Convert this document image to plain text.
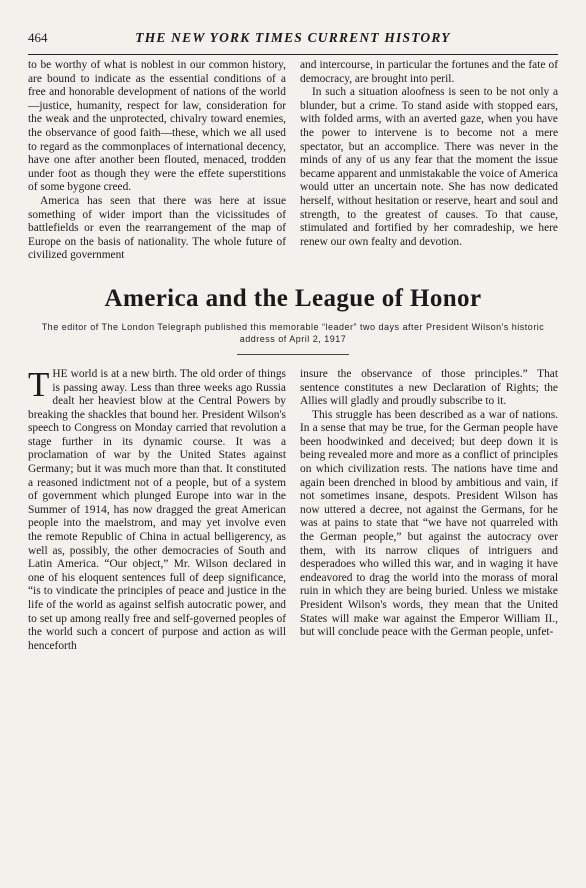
464	THE NEW YORK TIMES CURRENT HISTORY

to be worthy of what is noblest in our common history, are bound to indicate as the essential conditions of a free and honorable development of nations of the world—justice, humanity, respect for law, consideration for the weak and the unprotected, chivalry toward enemies, the observance of good faith—these, which we all used to regard as the commonplaces of international decency, have one after another been flouted, menaced, trodden under foot as though they were the effete superstitions of some bygone creed.

America has seen that there was here at issue something of wider import than the vicissitudes of battlefields or even the rearrangement of the map of Europe on the basis of nationality. The whole future of civilized government

and intercourse, in particular the fortunes and the fate of democracy, are brought into peril.

In such a situation aloofness is seen to be not only a blunder, but a crime. To stand aside with stopped ears, with folded arms, with an averted gaze, when you have the power to intervene is to become not a mere spectator, but an accomplice. There was never in the minds of any of us any fear that the moment the issue became apparent and unmistakable the voice of America would utter an uncertain note. She has now dedicated herself, without hesitation or reserve, heart and soul and strength, to the greatest of causes. To that cause, stimulated and fortified by her comradeship, we here renew our own fealty and devotion.

America and the League of Honor
The editor of The London Telegraph published this memorable “leader” two days after President Wilson's historic address of April 2, 1917

THE world is at a new birth. The old order of things is passing away. Less than three weeks ago Russia dealt her heaviest blow at the Central Powers by breaking the shackles that bound her. President Wilson's speech to Congress on Monday carried that revolution a stage further in its dynamic course. It was a proclamation of war by the United States against Germany; but it was much more than that. It constituted a reasoned indictment not of a people, but of a system of government which plunged Europe into war in the Summer of 1914, has now dragged the great American people into the maelstrom, and may yet involve even the remote Republic of China in actual belligerency, as well as, possibly, the other democracies of South and Latin America. “Our object,” Mr. Wilson declared in one of his eloquent sentences full of deep significance, “is to vindicate the principles of peace and justice in the life of the world as against selfish autocratic power, and to set up among really free and self-governed peoples of the world such a concert of purpose and action as will henceforth

insure the observance of those principles.” That sentence constitutes a new Declaration of Rights; the Allies will gladly and proudly subscribe to it.

This struggle has been described as a war of nations. In a sense that may be true, for the German people have been hoodwinked and deceived; but deep down it is being revealed more and more as a conflict of principles on which civilization rests. The nations have time and again been drenched in blood by ambitious and vain, if not sometimes insane, despots. President Wilson has now uttered a decree, not against the Germans, for he was at pains to state that “we have not quarreled with the German people,” but against the autocracy over them, with its narrow cliques of intriguers and desperadoes who willed this war, and in waging it have endeavored to drag the world into the morass of moral ruin in which they are being buried. Unless we mistake President Wilson's words, they mean that the United States will make war against the Emperor William II., but will conclude peace with the German people, unfet-
